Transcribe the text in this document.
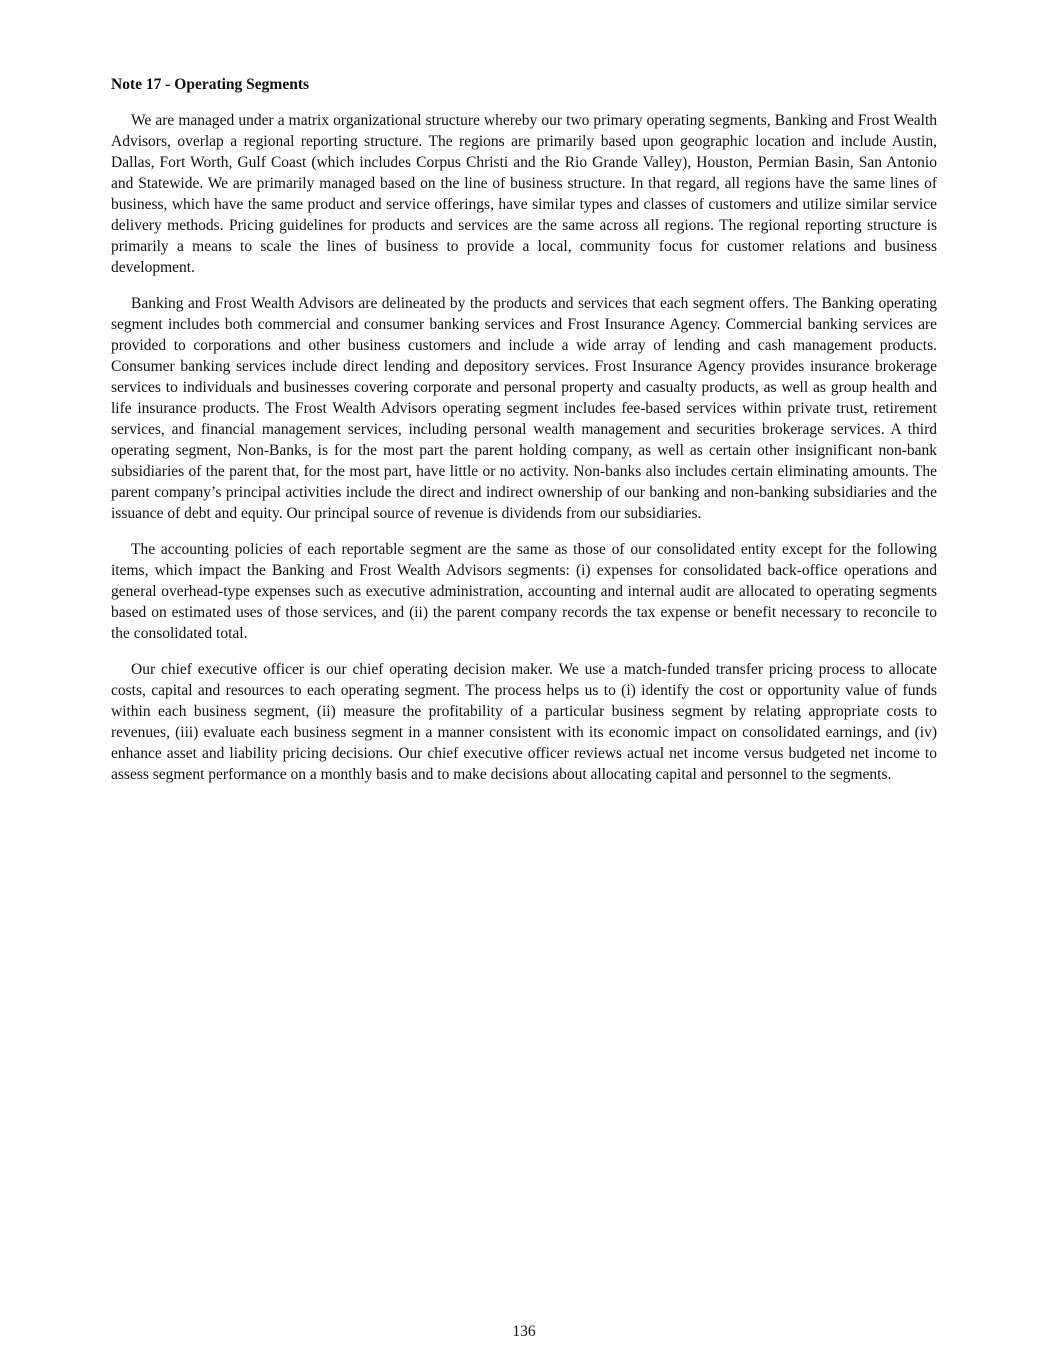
Note 17 - Operating Segments

We are managed under a matrix organizational structure whereby our two primary operating segments, Banking and Frost Wealth Advisors, overlap a regional reporting structure. The regions are primarily based upon geographic location and include Austin, Dallas, Fort Worth, Gulf Coast (which includes Corpus Christi and the Rio Grande Valley), Houston, Permian Basin, San Antonio and Statewide. We are primarily managed based on the line of business structure. In that regard, all regions have the same lines of business, which have the same product and service offerings, have similar types and classes of customers and utilize similar service delivery methods. Pricing guidelines for products and services are the same across all regions. The regional reporting structure is primarily a means to scale the lines of business to provide a local, community focus for customer relations and business development.

Banking and Frost Wealth Advisors are delineated by the products and services that each segment offers. The Banking operating segment includes both commercial and consumer banking services and Frost Insurance Agency. Commercial banking services are provided to corporations and other business customers and include a wide array of lending and cash management products. Consumer banking services include direct lending and depository services. Frost Insurance Agency provides insurance brokerage services to individuals and businesses covering corporate and personal property and casualty products, as well as group health and life insurance products. The Frost Wealth Advisors operating segment includes fee-based services within private trust, retirement services, and financial management services, including personal wealth management and securities brokerage services. A third operating segment, Non-Banks, is for the most part the parent holding company, as well as certain other insignificant non-bank subsidiaries of the parent that, for the most part, have little or no activity. Non-banks also includes certain eliminating amounts. The parent company’s principal activities include the direct and indirect ownership of our banking and non-banking subsidiaries and the issuance of debt and equity. Our principal source of revenue is dividends from our subsidiaries.

The accounting policies of each reportable segment are the same as those of our consolidated entity except for the following items, which impact the Banking and Frost Wealth Advisors segments: (i) expenses for consolidated back-office operations and general overhead-type expenses such as executive administration, accounting and internal audit are allocated to operating segments based on estimated uses of those services, and (ii) the parent company records the tax expense or benefit necessary to reconcile to the consolidated total.

Our chief executive officer is our chief operating decision maker. We use a match-funded transfer pricing process to allocate costs, capital and resources to each operating segment. The process helps us to (i) identify the cost or opportunity value of funds within each business segment, (ii) measure the profitability of a particular business segment by relating appropriate costs to revenues, (iii) evaluate each business segment in a manner consistent with its economic impact on consolidated earnings, and (iv) enhance asset and liability pricing decisions. Our chief executive officer reviews actual net income versus budgeted net income to assess segment performance on a monthly basis and to make decisions about allocating capital and personnel to the segments.

136
